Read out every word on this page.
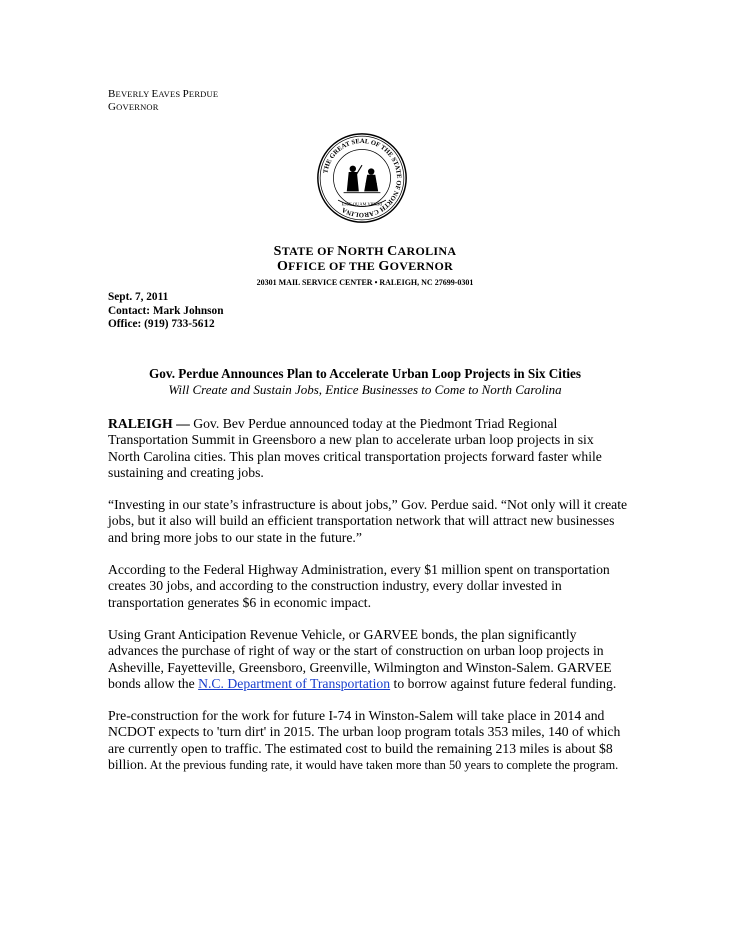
BEVERLY EAVES PERDUE
GOVERNOR
THE GREAT SEAL OF THE STATE OF NORTH CAROLINA
ESSE QUAM VIDERI
STATE OF NORTH CAROLINA
OFFICE OF THE GOVERNOR
20301 MAIL SERVICE CENTER • RALEIGH, NC 27699-0301
Sept. 7, 2011
Contact: Mark Johnson
Office: (919) 733-5612
Gov. Perdue Announces Plan to Accelerate Urban Loop Projects in Six Cities
Will Create and Sustain Jobs, Entice Businesses to Come to North Carolina

RALEIGH — Gov. Bev Perdue announced today at the Piedmont Triad Regional Transportation Summit in Greensboro a new plan to accelerate urban loop projects in six North Carolina cities. This plan moves critical transportation projects forward faster while sustaining and creating jobs.

“Investing in our state’s infrastructure is about jobs,” Gov. Perdue said. “Not only will it create jobs, but it also will build an efficient transportation network that will attract new businesses and bring more jobs to our state in the future.”

According to the Federal Highway Administration, every $1 million spent on transportation creates 30 jobs, and according to the construction industry, every dollar invested in transportation generates $6 in economic impact.

Using Grant Anticipation Revenue Vehicle, or GARVEE bonds, the plan significantly advances the purchase of right of way or the start of construction on urban loop projects in Asheville, Fayetteville, Greensboro, Greenville, Wilmington and Winston-Salem. GARVEE bonds allow the N.C. Department of Transportation to borrow against future federal funding.

Pre-construction for the work for future I-74 in Winston-Salem will take place in 2014 and NCDOT expects to 'turn dirt' in 2015. The urban loop program totals 353 miles, 140 of which are currently open to traffic. The estimated cost to build the remaining 213 miles is about $8 billion. At the previous funding rate, it would have taken more than 50 years to complete the program.
